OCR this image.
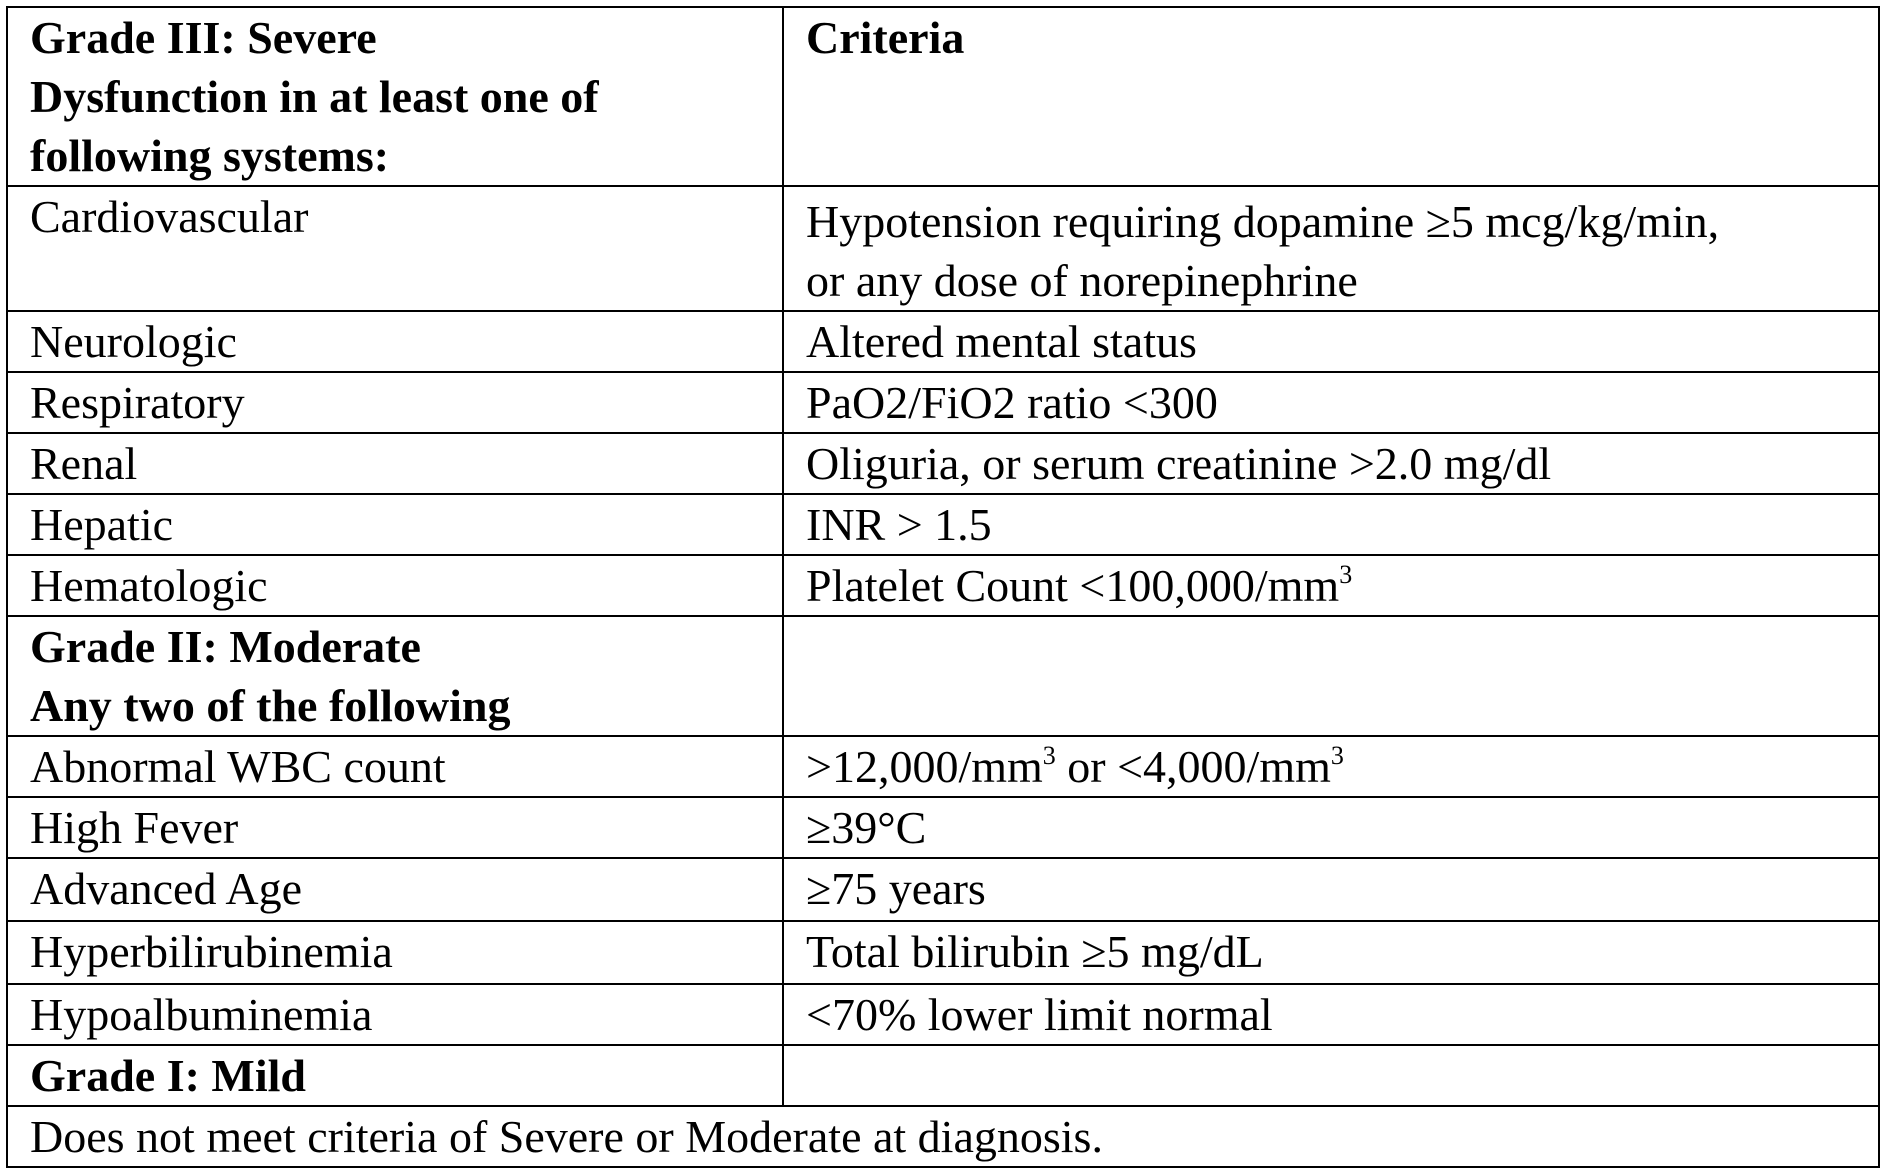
Grade III: Severe
Dysfunction in at least one of
following systems:	Criteria

Cardiovascular	Hypotension requiring dopamine ≥5 mcg/kg/min,
or any dose of norepinephrine

Neurologic	Altered mental status
Respiratory	PaO2/FiO2 ratio <300
Renal	Oliguria, or serum creatinine >2.0 mg/dl
Hepatic	INR > 1.5
Hematologic	Platelet Count $<100,000/mm^3$

Grade II: Moderate
Any two of the following	

Abnormal WBC count	$>12,000/mm^3$ or $<4,000/mm^3$
High Fever	≥39°C
Advanced Age	≥75 years
Hyperbilirubinemia	Total bilirubin ≥5 mg/dL
Hypoalbuminemia	<70% lower limit normal
Grade I: Mild	
Does not meet criteria of Severe or Moderate at diagnosis.	
